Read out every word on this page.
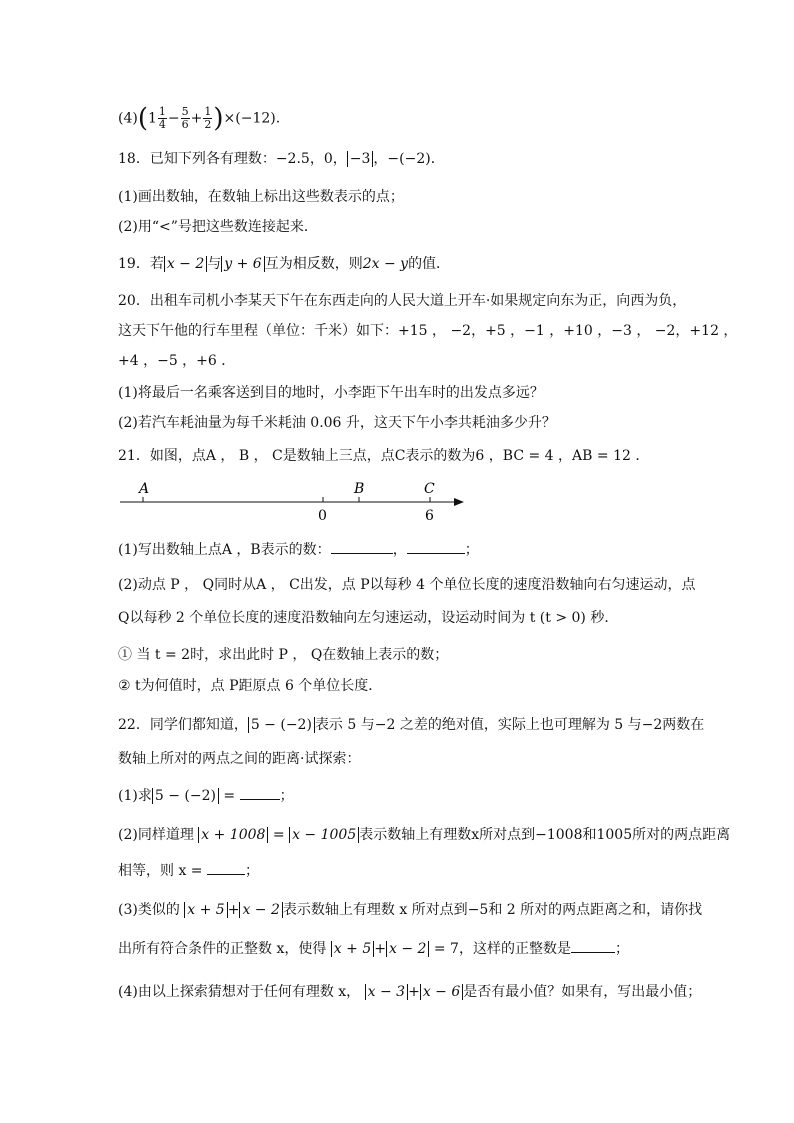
$(4)(1 \frac{1}{4} - \frac{5}{6} + \frac{1}{2} )\times(-12)$.
18．已知下列各有理数：−2.5，0， −3 ，−(−2)．
(1)画出数轴，在数轴上标出这些数表示的点；
(2)用“<”号把这些数连接起来．
19．若 x − 2 与 y + 6 互为相反数，则2x − y的值．
20．出租车司机小李某天下午在东西走向的人民大道上开车·如果规定向东为正，向西为负，
这天下午他的行车里程（单位：千米）如下：+15 ， −2，+5 ，−1 ，+10 ，−3 ， −2，+12 ，
+4 ，−5 ，+6 ．
(1)将最后一名乘客送到目的地时，小李距下午出车时的出发点多远？
(2)若汽车耗油量为每千米耗油 0.06 升，这天下午小李共耗油多少升？
21．如图，点A ， B ， C是数轴上三点，点C表示的数为6 ，BC = 4 ，AB = 12 ．
A	B	C
0	6
(1)写出数轴上点A ，B表示的数：	，	；
(2)动点 P ， Q同时从A ， C出发，点 P以每秒 4 个单位长度的速度沿数轴向右匀速运动，点
Q以每秒 2 个单位长度的速度沿数轴向左匀速运动，设运动时间为 t (t > 0) 秒．
① 当 t = 2时，求出此时 P ， Q在数轴上表示的数；
② t为何值时，点 P距原点 6 个单位长度．
22．同学们都知道， 5 − (−2) 表示 5 与−2 之差的绝对值，实际上也可理解为 5 与−2两数在
数轴上所对的两点之间的距离·试探索：
(1)求 5 − (−2) =	；
(2)同样道理 x + 1008 = x − 1005 表示数轴上有理数x所对点到−1008和1005所对的两点距离
相等，则 x =	；
(3)类似的 x + 5 + x − 2 表示数轴上有理数 x 所对点到−5和 2 所对的两点距离之和，请你找
出所有符合条件的正整数 x，使得 x + 5 + x − 2 = 7，这样的正整数是	；
(4)由以上探索猜想对于任何有理数 x， x − 3 + x − 6 是否有最小值？如果有，写出最小值；
